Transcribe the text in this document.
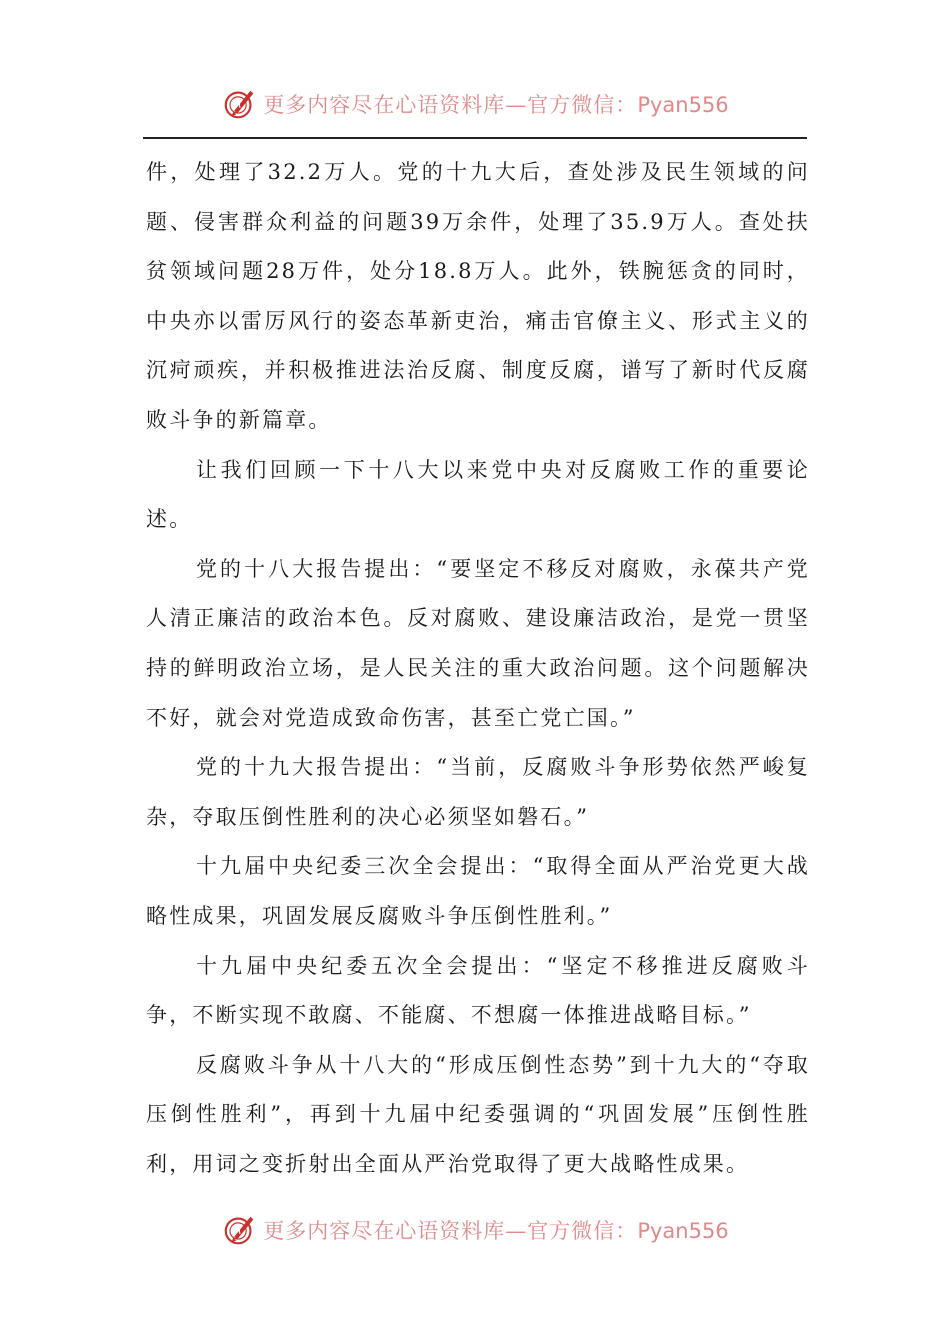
更多内容尽在心语资料库—官方微信：Pyan556

件，处理了32.2万人。党的十九大后，查处涉及民生领域的问题、侵害群众利益的问题39万余件，处理了35.9万人。查处扶贫领域问题28万件，处分18.8万人。此外，铁腕惩贪的同时，中央亦以雷厉风行的姿态革新吏治，痛击官僚主义、形式主义的沉疴顽疾，并积极推进法治反腐、制度反腐，谱写了新时代反腐败斗争的新篇章。

让我们回顾一下十八大以来党中央对反腐败工作的重要论述。

党的十八大报告提出：“要坚定不移反对腐败，永葆共产党人清正廉洁的政治本色。反对腐败、建设廉洁政治，是党一贯坚持的鲜明政治立场，是人民关注的重大政治问题。这个问题解决不好，就会对党造成致命伤害，甚至亡党亡国。”

党的十九大报告提出：“当前，反腐败斗争形势依然严峻复杂，夺取压倒性胜利的决心必须坚如磐石。”

十九届中央纪委三次全会提出：“取得全面从严治党更大战略性成果，巩固发展反腐败斗争压倒性胜利。”

十九届中央纪委五次全会提出：“坚定不移推进反腐败斗争，不断实现不敢腐、不能腐、不想腐一体推进战略目标。”

反腐败斗争从十八大的“形成压倒性态势”到十九大的“夺取压倒性胜利”，再到十九届中纪委强调的“巩固发展”压倒性胜利，用词之变折射出全面从严治党取得了更大战略性成果。

更多内容尽在心语资料库—官方微信：Pyan556
